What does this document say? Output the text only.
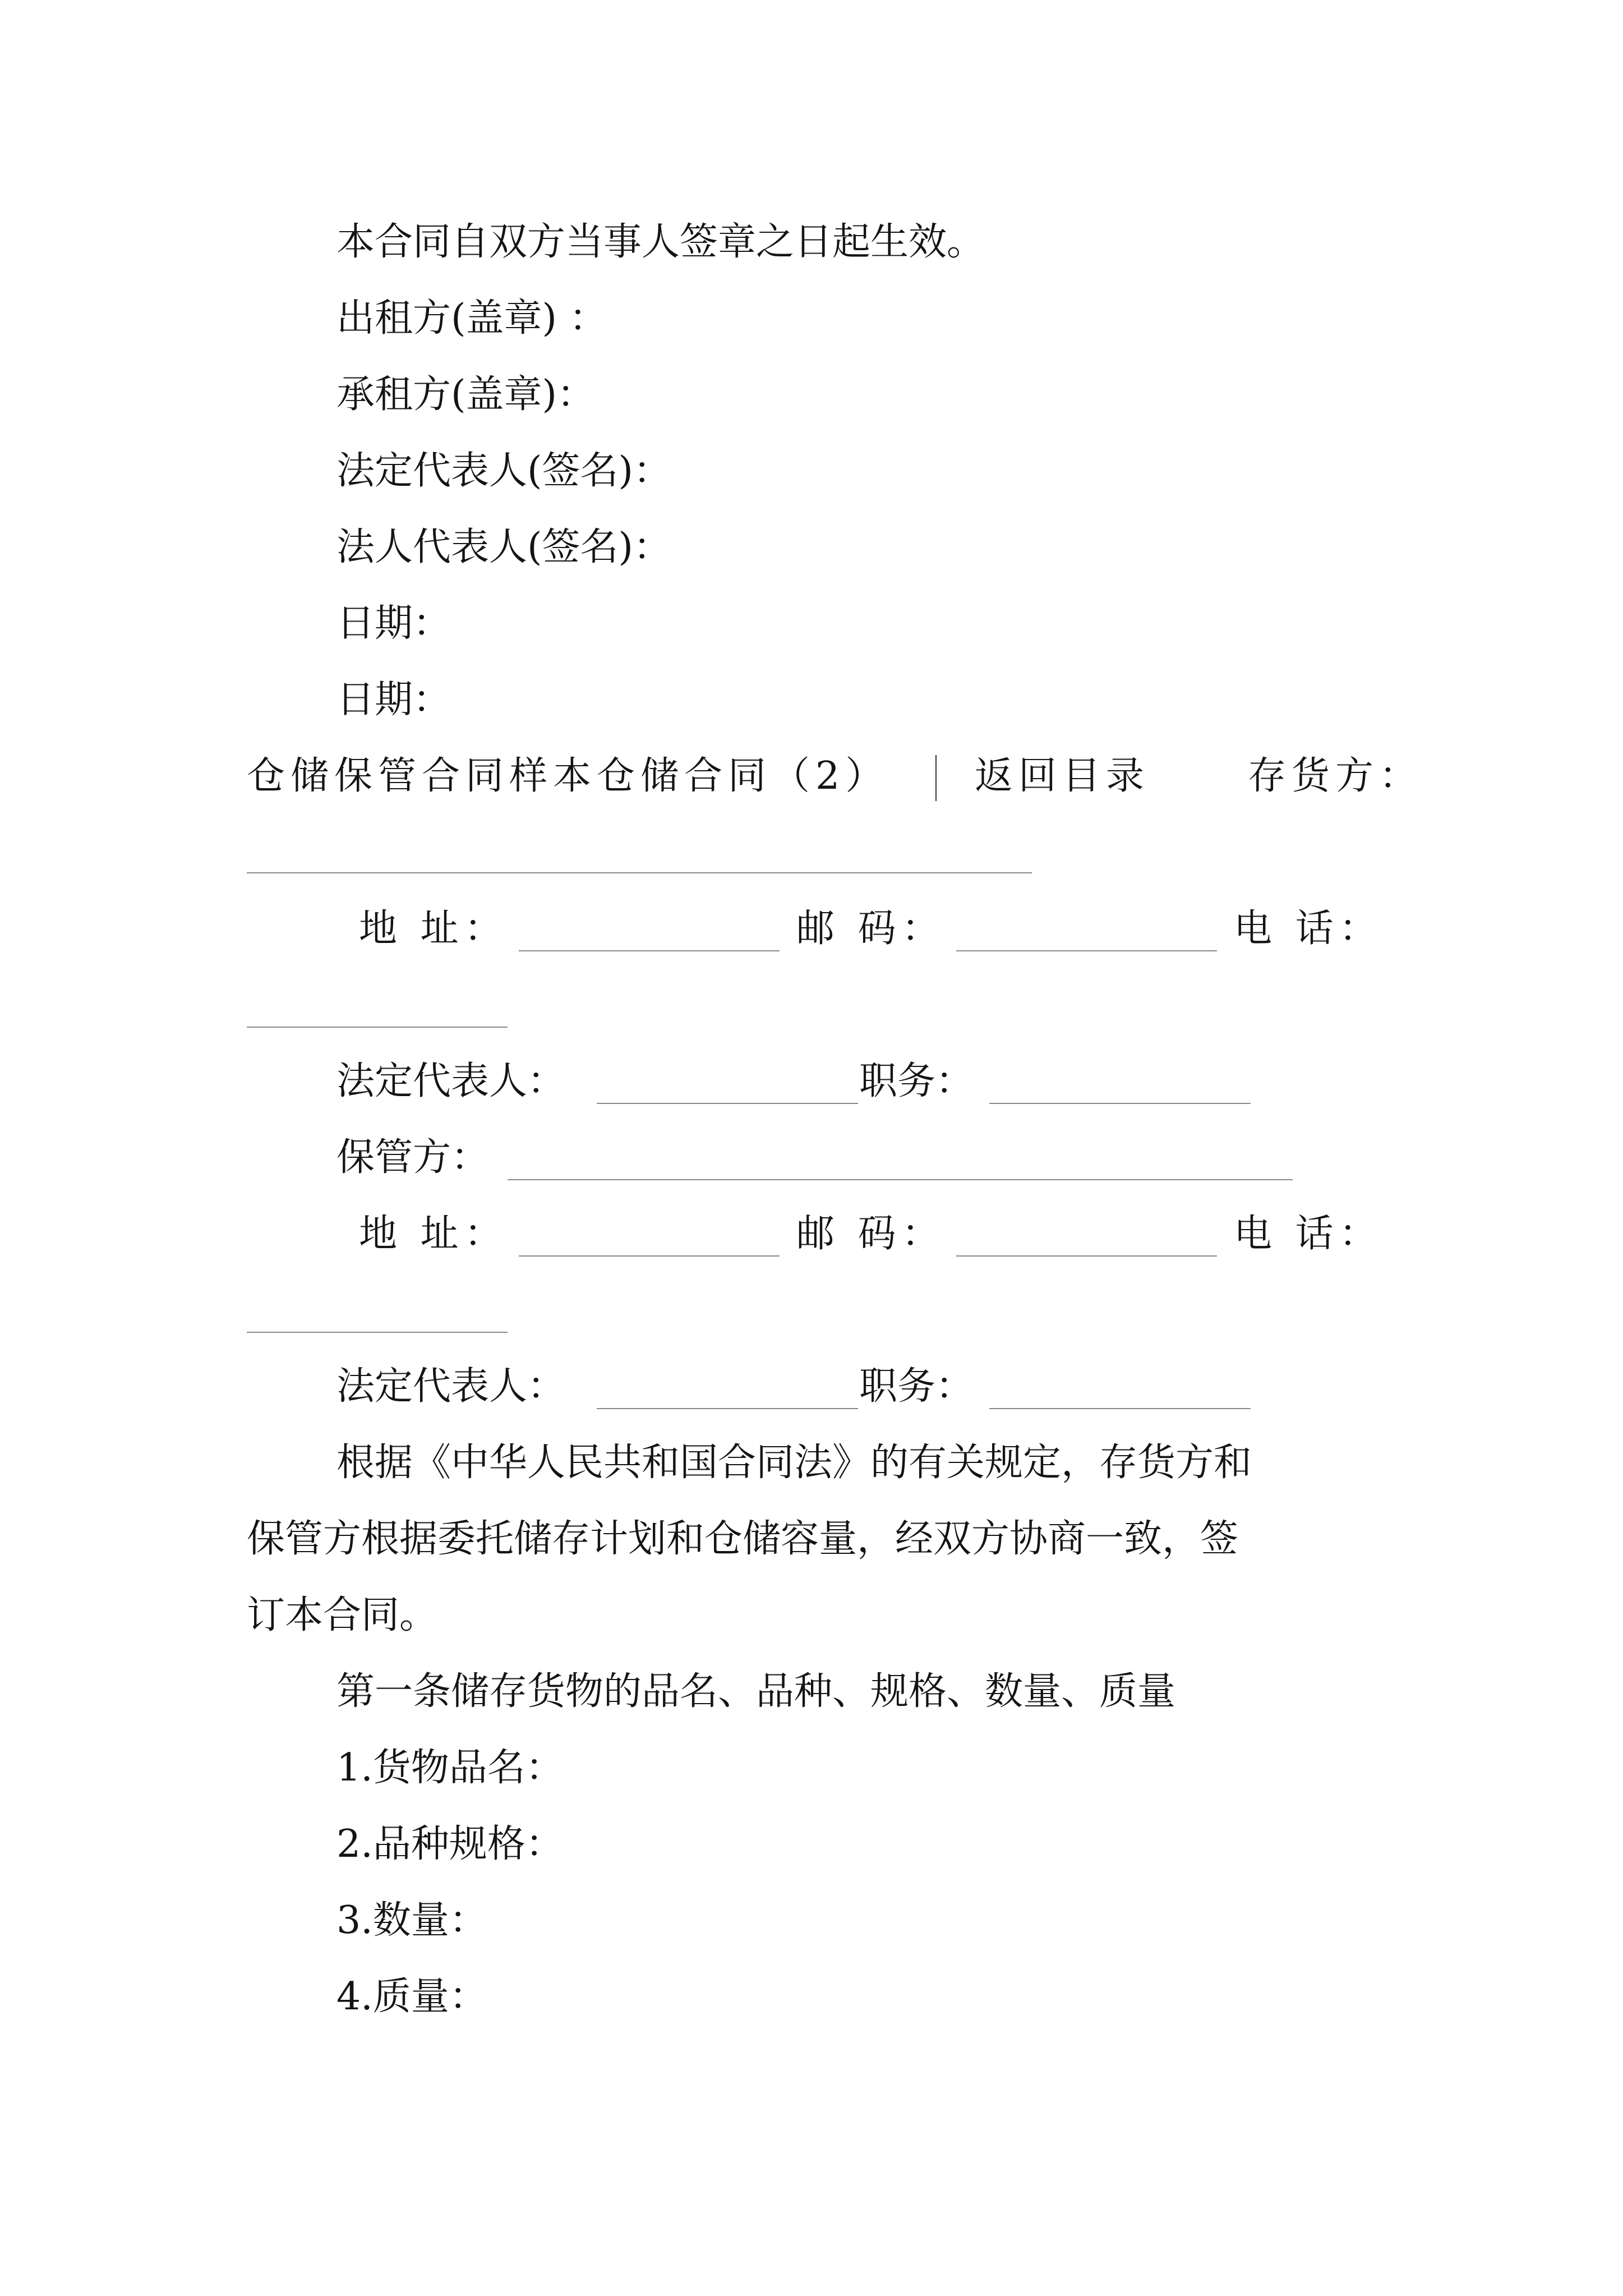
本合同自双方当事人签章之日起生效。
出租方(盖章) ：
承租方(盖章)：
法定代表人(签名)：
法人代表人(签名)：
日期：
日期：
仓储保管合同样本仓储合同（2） 返回目录	存货方：
地 址：	邮 码：	电 话：
法定代表人：	职务：
保管方：
地 址：	邮 码：	电 话：
法定代表人：	职务：
根据《中华人民共和国合同法》的有关规定，存货方和
保管方根据委托储存计划和仓储容量，经双方协商一致，签
订本合同。
第一条储存货物的品名、品种、规格、数量、质量
1.货物品名：
2.品种规格：
3.数量：
4.质量：
